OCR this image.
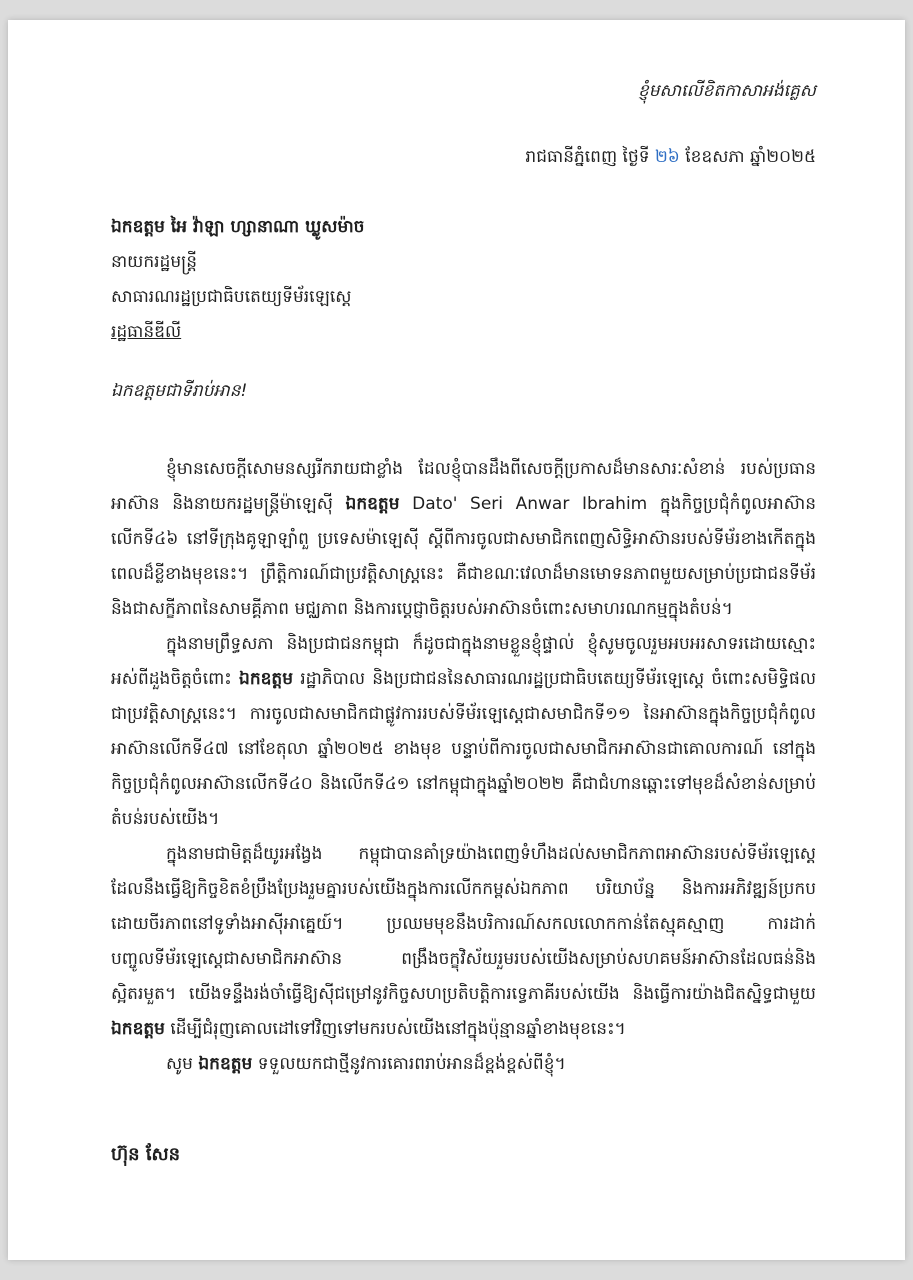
ខ្ញុំមសាលើខិតកាសាអង់គ្លេស
រាជធានីភ្នំពេញ ថ្ងៃទី ២៦ ខែឧសភា ឆ្នាំ២០២៥
ឯកឧត្តម អៃ វ៉ាឡា ហ្សានាណា ឃ្លូសម៉ាច
នាយករដ្ឋមន្ត្រី
សាធារណរដ្ឋប្រជាធិបតេយ្យទីម័រឡេស្តេ
រដ្ឋធានីឌីលី
ឯកឧត្តមជាទីរាប់អាន!

ខ្ញុំមានសេចក្តីសោមនស្សរីករាយជាខ្លាំង ដែលខ្ញុំបានដឹងពីសេចក្តីប្រកាសដ៏មានសារៈសំខាន់ របស់ប្រធានអាស៊ាន និងនាយករដ្ឋមន្ត្រីម៉ាឡេស៊ី ឯកឧត្តម Dato' Seri Anwar Ibrahim ក្នុងកិច្ចប្រជុំកំពូលអាស៊ានលើកទី៤៦ នៅទីក្រុងគូឡាឡាំពួ ប្រទេសម៉ាឡេស៊ី ស្តីពីការចូលជាសមាជិកពេញសិទ្ធិអាស៊ានរបស់ទីម័រខាងកើតក្នុងពេលដ៏ខ្លីខាងមុខនេះ។ ព្រឹត្តិការណ៍ជាប្រវត្តិសាស្ត្រនេះ គឺជាខណៈវេលាដ៏មានមោទនភាពមួយសម្រាប់ប្រជាជនទីម័រ និងជាសក្ខីភាពនៃសាមគ្គីភាព មជ្ឈភាព និងការប្តេជ្ញាចិត្តរបស់អាស៊ានចំពោះសមាហរណកម្មក្នុងតំបន់។

ក្នុងនាមព្រឹទ្ធសភា និងប្រជាជនកម្ពុជា ក៏ដូចជាក្នុងនាមខ្លួនខ្ញុំផ្ទាល់ ខ្ញុំសូមចូលរួមអបអរសាទរដោយស្មោះអស់ពីដួងចិត្តចំពោះ ឯកឧត្តម រដ្ឋាភិបាល និងប្រជាជននៃសាធារណរដ្ឋប្រជាធិបតេយ្យទីម័រឡេស្តេ ចំពោះសមិទ្ធិផលជាប្រវត្តិសាស្ត្រនេះ។ ការចូលជាសមាជិកជាផ្លូវការរបស់ទីម័រឡេស្តេជាសមាជិកទី១១ នៃអាស៊ានក្នុងកិច្ចប្រជុំកំពូលអាស៊ានលើកទី៤៧ នៅខែតុលា ឆ្នាំ២០២៥ ខាងមុខ បន្ទាប់ពីការចូលជាសមាជិកអាស៊ានជាគោលការណ៍ នៅក្នុងកិច្ចប្រជុំកំពូលអាស៊ានលើកទី៤០ និងលើកទី៤១ នៅកម្ពុជាក្នុងឆ្នាំ២០២២ គឺជាជំហានឆ្ពោះទៅមុខដ៏សំខាន់សម្រាប់តំបន់របស់យើង។

ក្នុងនាមជាមិត្តដ៏យូរអង្វែង កម្ពុជាបានគាំទ្រយ៉ាងពេញទំហឹងដល់សមាជិកភាពអាស៊ានរបស់ទីម័រឡេស្តេ ដែលនឹងធ្វើឱ្យកិច្ចខិតខំប្រឹងប្រែងរួមគ្នារបស់យើងក្នុងការលើកកម្ពស់ឯកភាព បរិយាប័ន្ន និងការអភិវឌ្ឍន៍ប្រកបដោយចីរភាពនៅទូទាំងអាស៊ីអាគ្នេយ៍។ ប្រឈមមុខនឹងបរិការណ៍សកលលោកកាន់តែស្មុគស្មាញ ការដាក់បញ្ចូលទីម័រឡេស្តេជាសមាជិកអាស៊ាន ពង្រឹងចក្ខុវិស័យរួមរបស់យើងសម្រាប់សហគមន៍អាស៊ានដែលធន់និងស្អិតរមួត។ យើងទន្ទឹងរង់ចាំធ្វើឱ្យស៊ីជម្រៅនូវកិច្ចសហប្រតិបត្តិការទ្វេភាគីរបស់យើង និងធ្វើការយ៉ាងជិតស្និទ្ធជាមួយ ឯកឧត្តម ដើម្បីជំរុញគោលដៅទៅវិញទៅមករបស់យើងនៅក្នុងប៉ុន្មានឆ្នាំខាងមុខនេះ។

សូម ឯកឧត្តម ទទួលយកជាថ្មីនូវការគោរពរាប់អានដ៏ខ្ពង់ខ្ពស់ពីខ្ញុំ។

ហ៊ុន សែន
